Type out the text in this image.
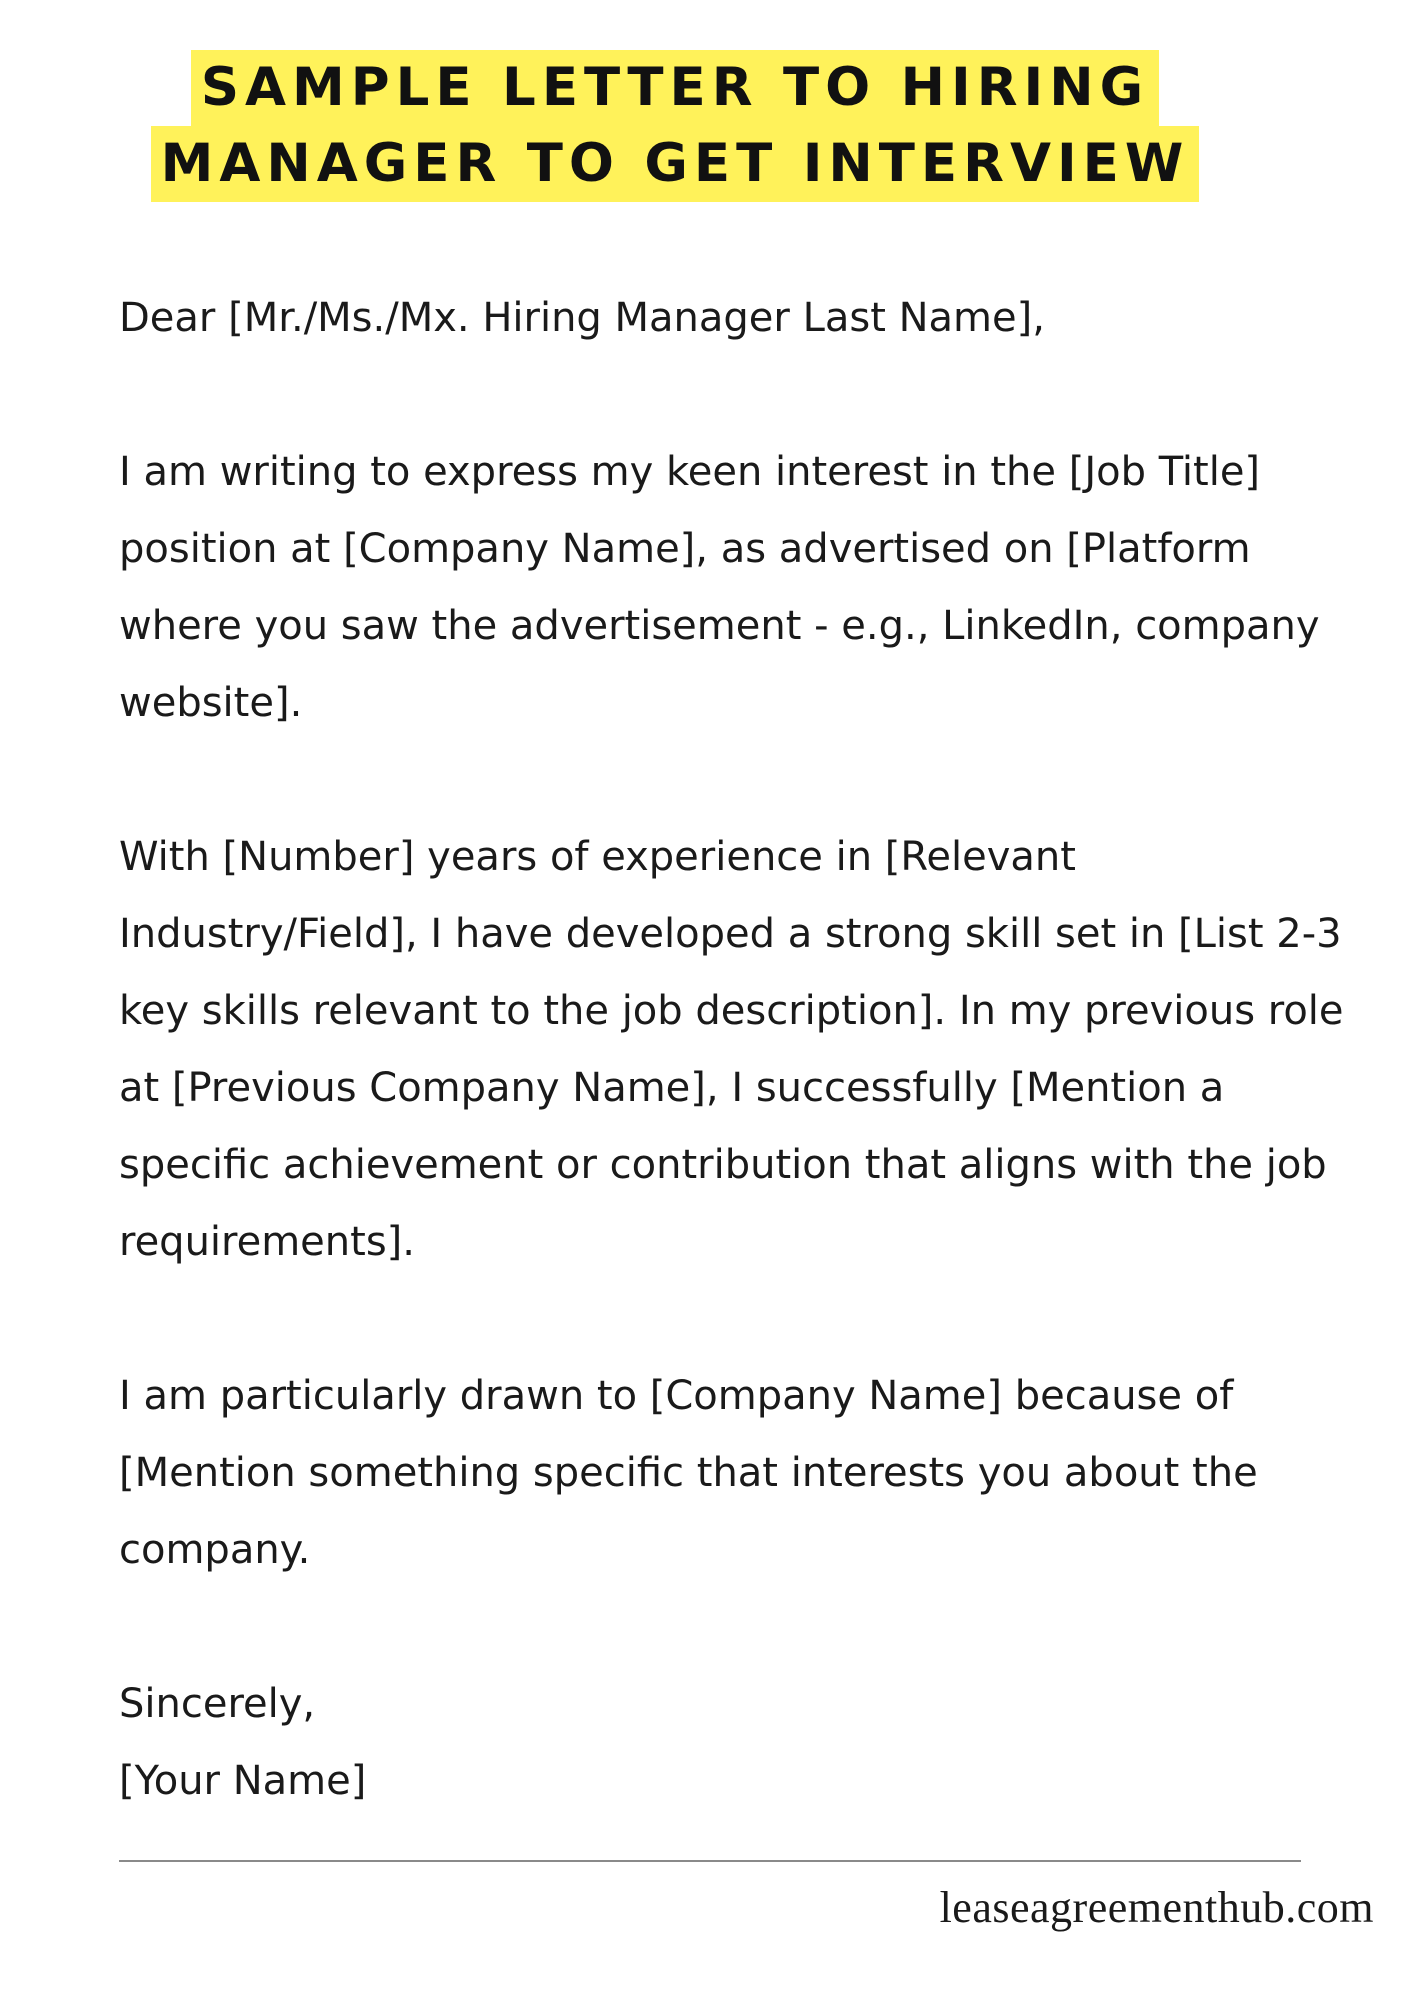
SAMPLE LETTER TO HIRING
MANAGER TO GET INTERVIEW

Dear [Mr./Ms./Mx. Hiring Manager Last Name],

I am writing to express my keen interest in the [Job Title] position at [Company Name], as advertised on [Platform where you saw the advertisement - e.g., LinkedIn, company website].

With [Number] years of experience in [Relevant Industry/Field], I have developed a strong skill set in [List 2-3 key skills relevant to the job description]. In my previous role at [Previous Company Name], I successfully [Mention a specific achievement or contribution that aligns with the job requirements].

I am particularly drawn to [Company Name] because of [Mention something specific that interests you about the company.

Sincerely,

[Your Name]

leaseagreementhub.com
